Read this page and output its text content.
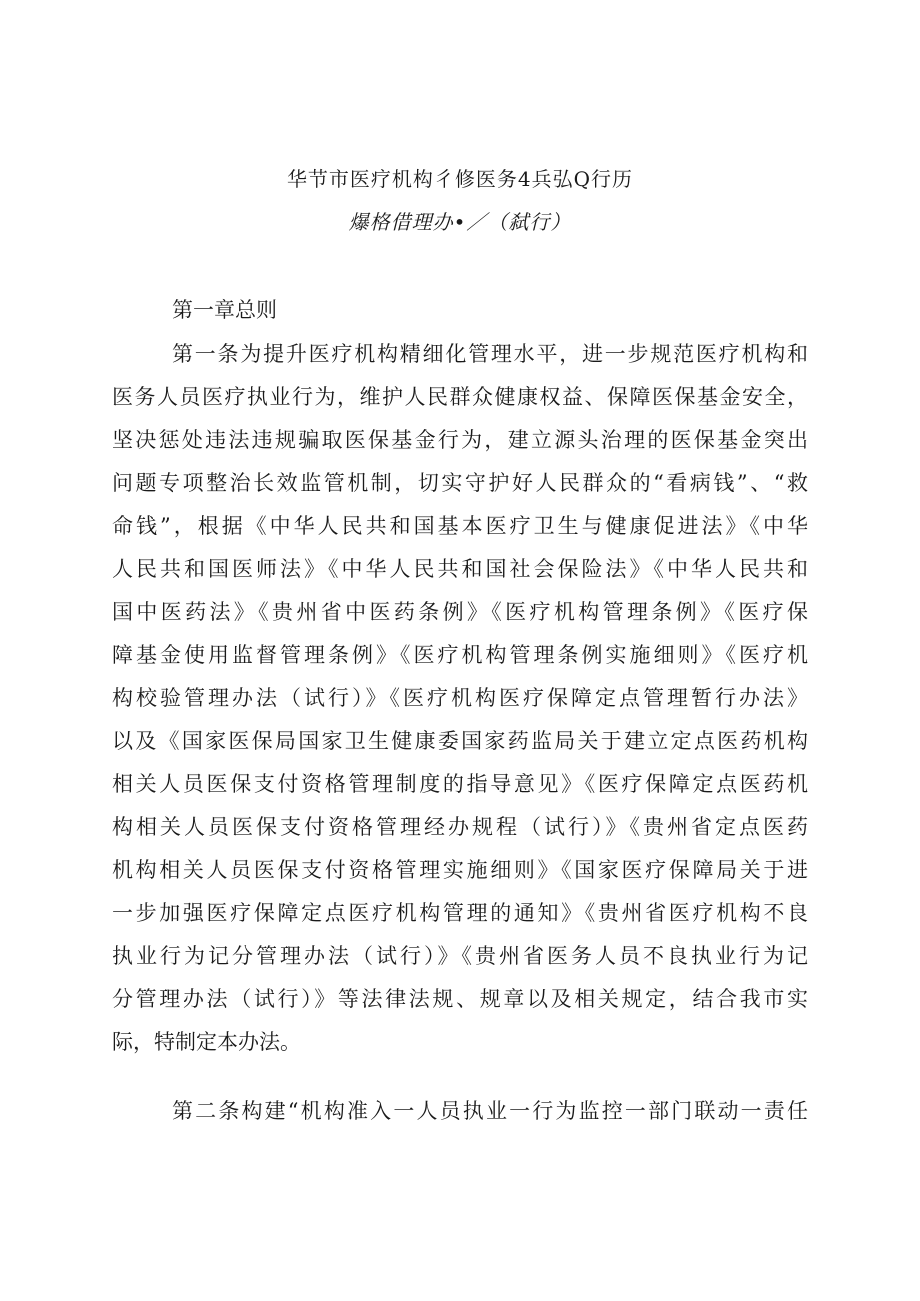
华节市医疗机构彳修医务4兵弘Q行历
爆格借理办•／（弑行）
第一章总则
第一条为提升医疗机构精细化管理水平，进一步规范医疗机构和
医务人员医疗执业行为，维护人民群众健康权益、保障医保基金安全，
坚决惩处违法违规骗取医保基金行为，建立源头治理的医保基金突出
问题专项整治长效监管机制，切实守护好人民群众的“看病钱”、“救
命钱”，根据《中华人民共和国基本医疗卫生与健康促进法》《中华
人民共和国医师法》《中华人民共和国社会保险法》《中华人民共和
国中医药法》《贵州省中医药条例》《医疗机构管理条例》《医疗保
障基金使用监督管理条例》《医疗机构管理条例实施细则》《医疗机
构校验管理办法（试行）》《医疗机构医疗保障定点管理暂行办法》
以及《国家医保局国家卫生健康委国家药监局关于建立定点医药机构
相关人员医保支付资格管理制度的指导意见》《医疗保障定点医药机
构相关人员医保支付资格管理经办规程（试行）》《贵州省定点医药
机构相关人员医保支付资格管理实施细则》《国家医疗保障局关于进
一步加强医疗保障定点医疗机构管理的通知》《贵州省医疗机构不良
执业行为记分管理办法（试行）》《贵州省医务人员不良执业行为记
分管理办法（试行）》等法律法规、规章以及相关规定，结合我市实
际，特制定本办法。
第二条构建“机构准入一人员执业一行为监控一部门联动一责任
